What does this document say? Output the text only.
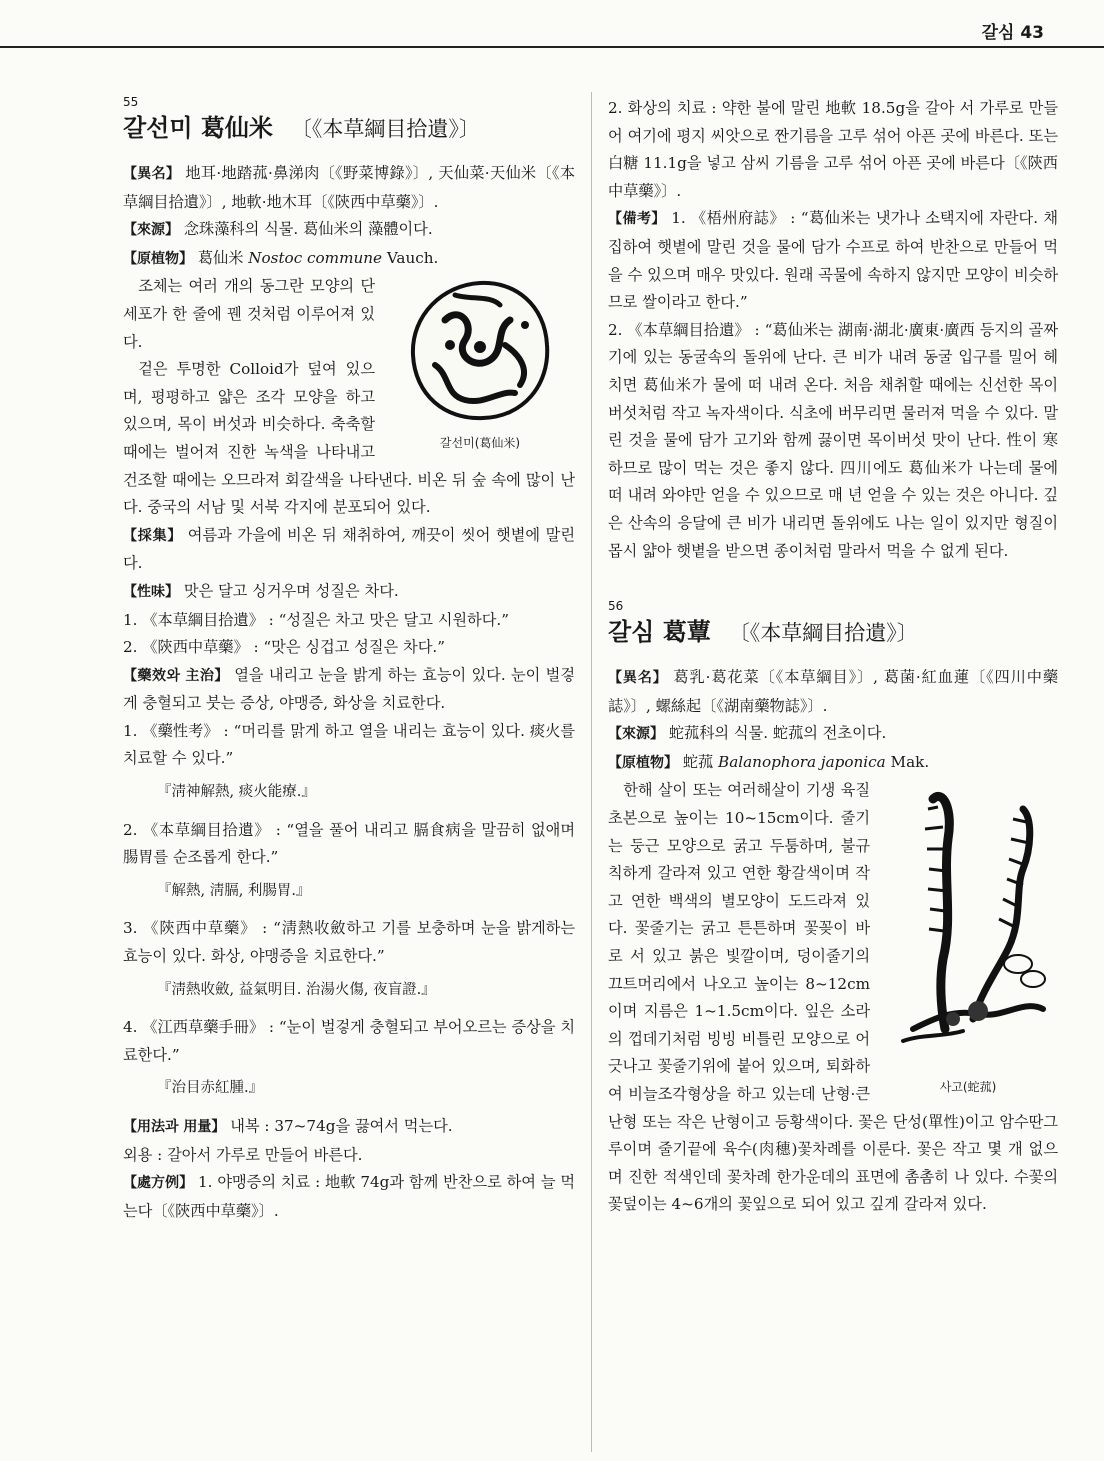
갈심 43
55
갈선미 葛仙米 〔《本草綱目拾遺》〕

【異名】 地耳·地踏菰·鼻涕肉〔《野菜博錄》〕, 天仙菜·天仙米〔《本草綱目拾遺》〕, 地軟·地木耳〔《陝西中草藥》〕.

【來源】 念珠藻科의 식물. 葛仙米의 藻體이다.

【原植物】 葛仙米 Nostoc commune Vauch.

갈선미(葛仙米)

조체는 여러 개의 동그란 모양의 단세포가 한 줄에 꿴 것처럼 이루어져 있다.

겉은 투명한 Colloid가 덮여 있으며, 평평하고 얇은 조각 모양을 하고 있으며, 목이 버섯과 비슷하다. 축축할 때에는 벌어져 진한 녹색을 나타내고 건조할 때에는 오므라져 회갈색을 나타낸다. 비온 뒤 숲 속에 많이 난다. 중국의 서남 및 서북 각지에 분포되어 있다.

【採集】 여름과 가을에 비온 뒤 채취하여, 깨끗이 씻어 햇볕에 말린다.

【性味】 맛은 달고 싱거우며 성질은 차다.

1. 《本草綱目拾遺》 : “성질은 차고 맛은 달고 시원하다.”

2. 《陝西中草藥》 : “맛은 싱겁고 성질은 차다.”

【藥效와 主治】 열을 내리고 눈을 밝게 하는 효능이 있다. 눈이 벌겋게 충혈되고 붓는 증상, 야맹증, 화상을 치료한다.

1. 《藥性考》 : “머리를 맑게 하고 열을 내리는 효능이 있다. 痰火를 치료할 수 있다.”

『淸神解熱, 痰火能療.』

2. 《本草綱目拾遺》 : “열을 풀어 내리고 膈食病을 말끔히 없애며 腸胃를 순조롭게 한다.”

『解熱, 淸膈, 利腸胃.』

3. 《陝西中草藥》 : “淸熱收斂하고 기를 보충하며 눈을 밝게하는 효능이 있다. 화상, 야맹증을 치료한다.”

『淸熱收斂, 益氣明目. 治湯火傷, 夜盲證.』

4. 《江西草藥手冊》 : “눈이 벌겋게 충혈되고 부어오르는 증상을 치료한다.”

『治目赤紅腫.』

【用法과 用量】 내복 : 37~74g을 끓여서 먹는다.

외용 : 갈아서 가루로 만들어 바른다.

【處方例】 1. 야맹증의 치료 : 地軟 74g과 함께 반찬으로 하여 늘 먹는다〔《陝西中草藥》〕.

2. 화상의 치료 : 약한 불에 말린 地軟 18.5g을 갈아 서 가루로 만들어 여기에 평지 씨앗으로 짠기름을 고루 섞어 아픈 곳에 바른다. 또는 白糖 11.1g을 넣고 삼씨 기름을 고루 섞어 아픈 곳에 바른다〔《陝西中草藥》〕.

【備考】 1. 《梧州府誌》 : “葛仙米는 냇가나 소택지에 자란다. 채집하여 햇볕에 말린 것을 물에 담가 수프로 하여 반찬으로 만들어 먹을 수 있으며 매우 맛있다. 원래 곡물에 속하지 않지만 모양이 비슷하므로 쌀이라고 한다.”

2. 《本草綱目拾遺》 : “葛仙米는 湖南·湖北·廣東·廣西 등지의 골짜기에 있는 동굴속의 돌위에 난다. 큰 비가 내려 동굴 입구를 밀어 헤치면 葛仙米가 물에 떠 내려 온다. 처음 채취할 때에는 신선한 목이버섯처럼 작고 녹자색이다. 식초에 버무리면 물러져 먹을 수 있다. 말린 것을 물에 담가 고기와 함께 끓이면 목이버섯 맛이 난다. 性이 寒하므로 많이 먹는 것은 좋지 않다. 四川에도 葛仙米가 나는데 물에 떠 내려 와야만 얻을 수 있으므로 매 년 얻을 수 있는 것은 아니다. 깊은 산속의 응달에 큰 비가 내리면 돌위에도 나는 일이 있지만 형질이 몹시 얇아 햇볕을 받으면 종이처럼 말라서 먹을 수 없게 된다.

56
갈심 葛蕈 〔《本草綱目拾遺》〕

【異名】 葛乳·葛花菜〔《本草綱目》〕, 葛菌·紅血蓮〔《四川中藥誌》〕, 螺絲起〔《湖南藥物誌》〕.

【來源】 蛇菰科의 식물. 蛇菰의 전초이다.

【原植物】 蛇菰 Balanophora japonica Mak.

사고(蛇菰)

한해 살이 또는 여러해살이 기생 육질초본으로 높이는 10~15cm이다. 줄기는 둥근 모양으로 굵고 두툼하며, 불규칙하게 갈라져 있고 연한 황갈색이며 작고 연한 백색의 별모양이 도드라져 있다. 꽃줄기는 굵고 튼튼하며 꽃꽂이 바로 서 있고 붉은 빛깔이며, 덩이줄기의 끄트머리에서 나오고 높이는 8~12cm이며 지름은 1~1.5cm이다. 잎은 소라의 껍데기처럼 빙빙 비틀린 모양으로 어긋나고 꽃줄기위에 붙어 있으며, 퇴화하여 비늘조각형상을 하고 있는데 난형·큰 난형 또는 작은 난형이고 등황색이다. 꽃은 단성(單性)이고 암수딴그루이며 줄기끝에 육수(肉穗)꽃차례를 이룬다. 꽃은 작고 몇 개 없으며 진한 적색인데 꽃차례 한가운데의 표면에 촘촘히 나 있다. 수꽃의 꽃덮이는 4~6개의 꽃잎으로 되어 있고 깊게 갈라져 있다.
